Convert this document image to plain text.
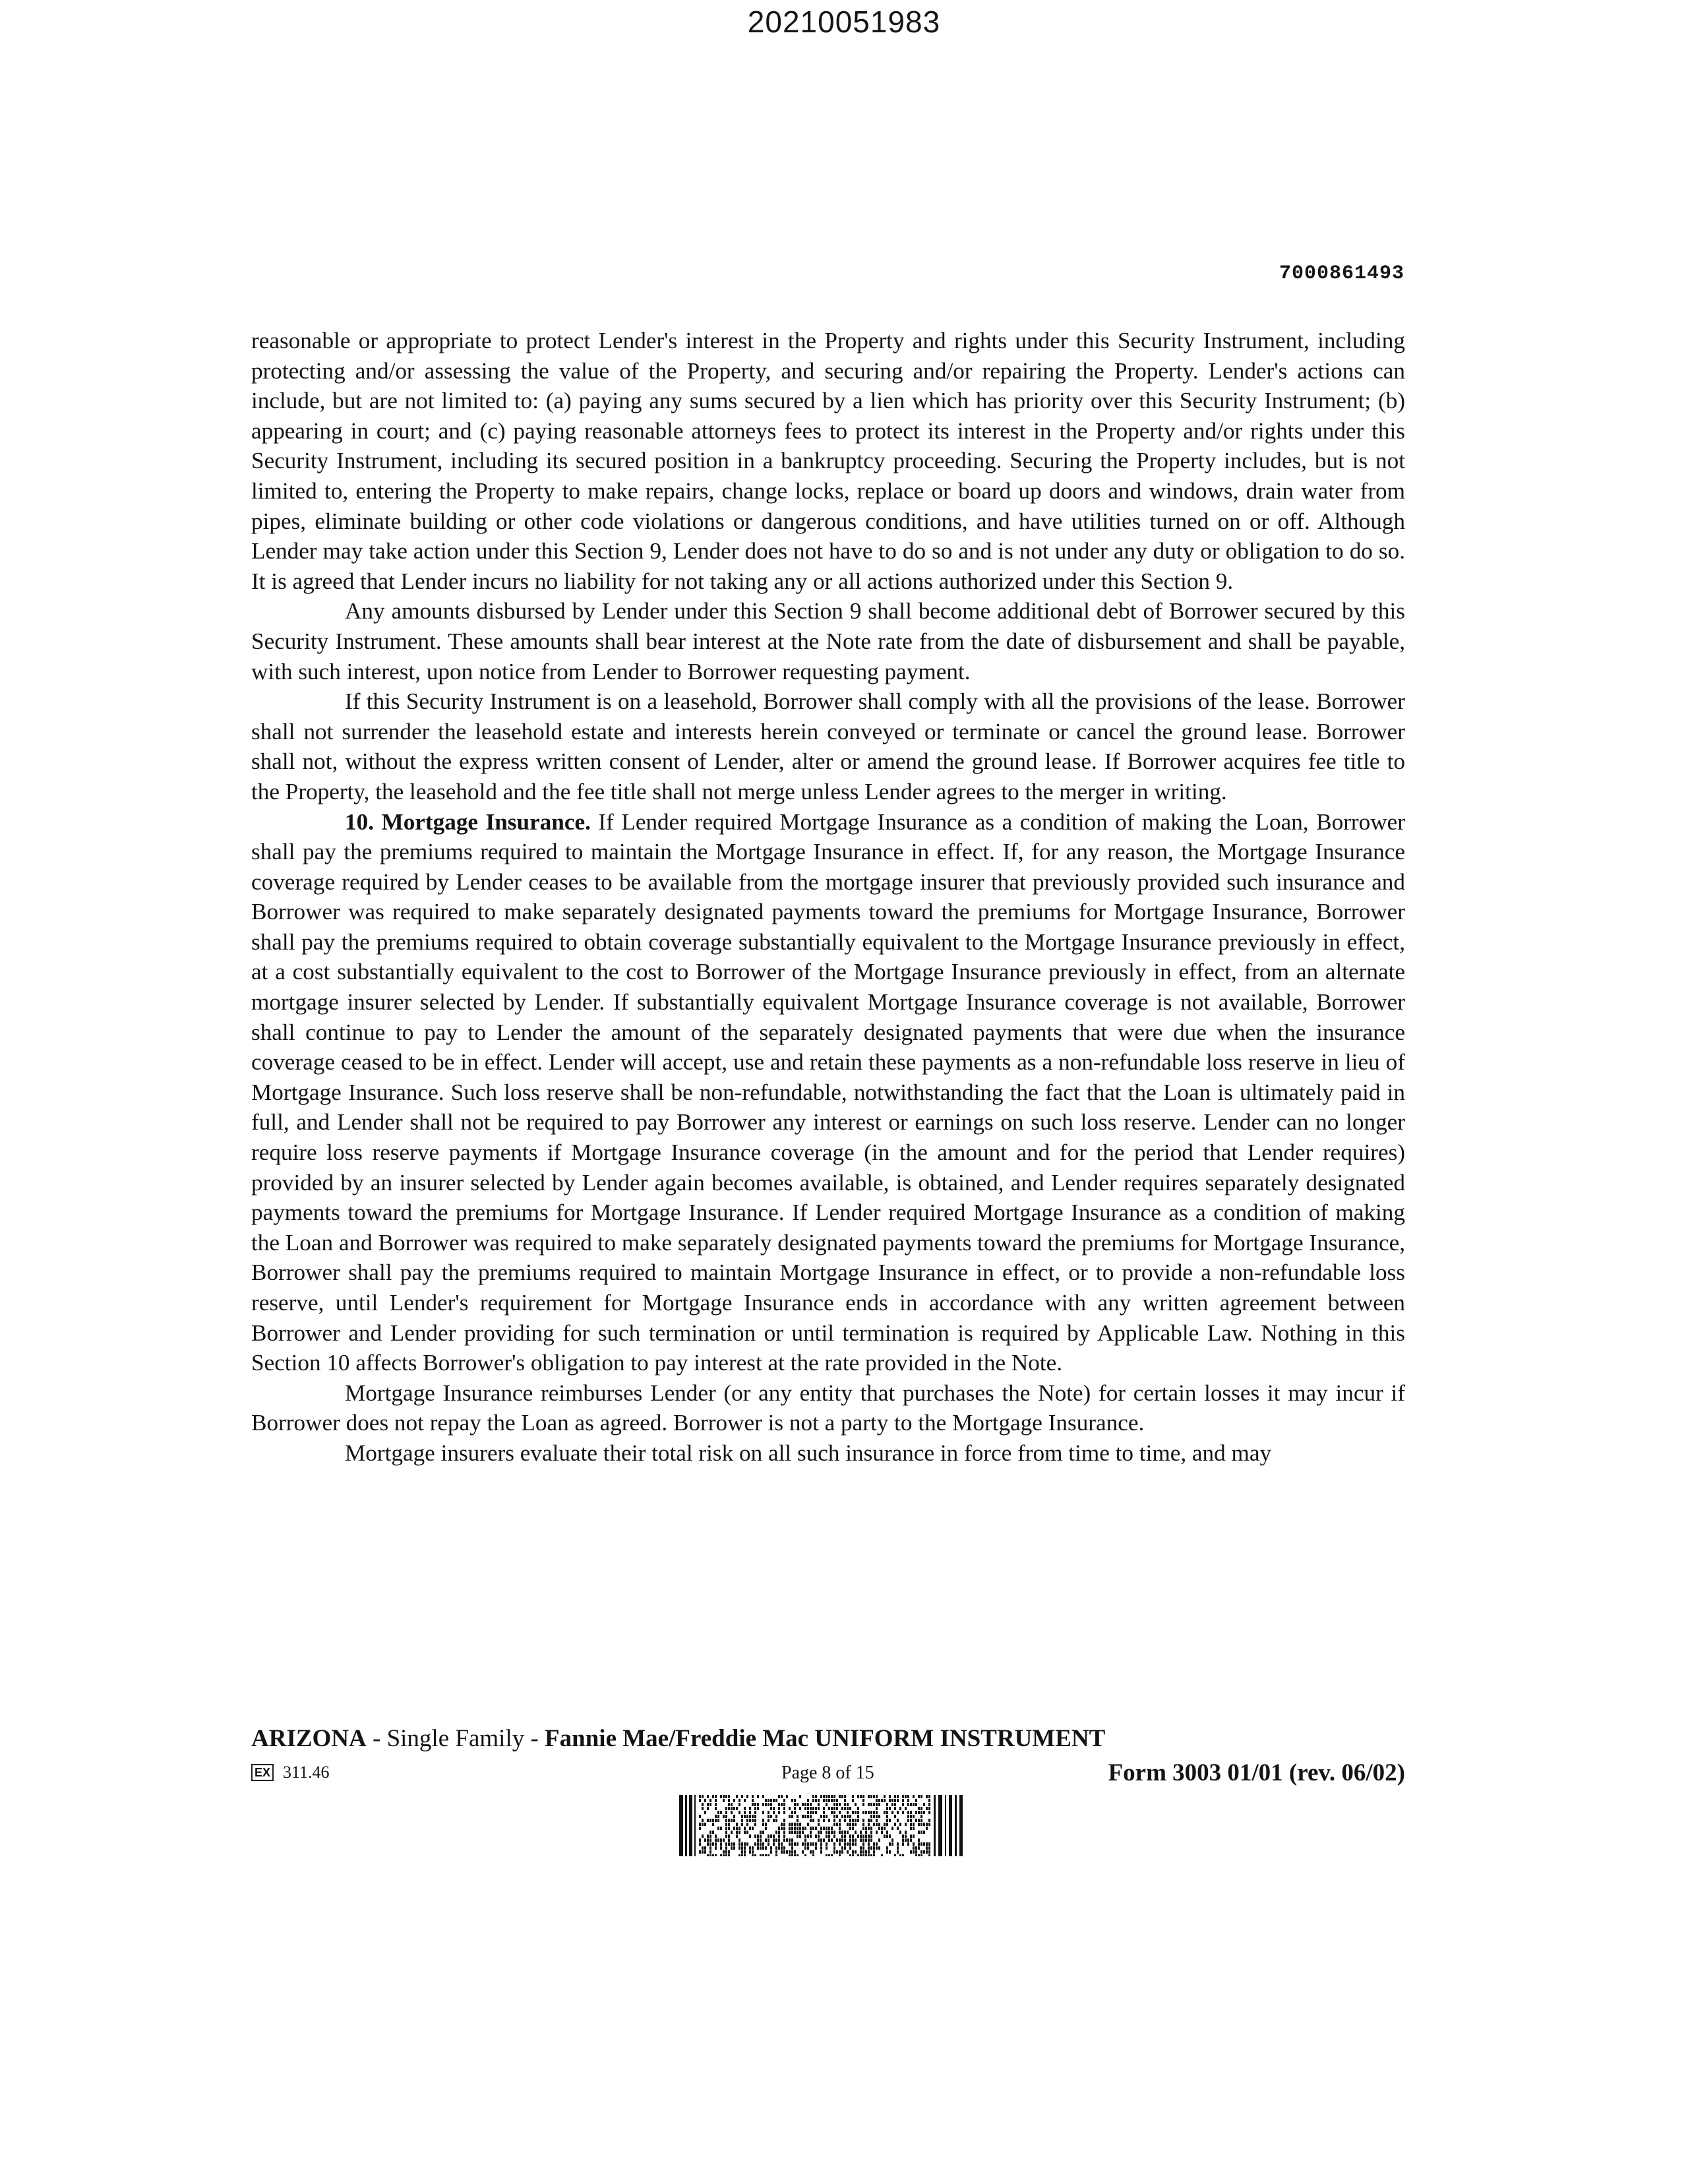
20210051983
7000861493

reasonable or appropriate to protect Lender's interest in the Property and rights under this Security Instrument, including protecting and/or assessing the value of the Property, and securing and/or repairing the Property. Lender's actions can include, but are not limited to: (a) paying any sums secured by a lien which has priority over this Security Instrument; (b) appearing in court; and (c) paying reasonable attorneys fees to protect its interest in the Property and/or rights under this Security Instrument, including its secured position in a bankruptcy proceeding. Securing the Property includes, but is not limited to, entering the Property to make repairs, change locks, replace or board up doors and windows, drain water from pipes, eliminate building or other code violations or dangerous conditions, and have utilities turned on or off. Although Lender may take action under this Section 9, Lender does not have to do so and is not under any duty or obligation to do so. It is agreed that Lender incurs no liability for not taking any or all actions authorized under this Section 9.

Any amounts disbursed by Lender under this Section 9 shall become additional debt of Borrower secured by this Security Instrument. These amounts shall bear interest at the Note rate from the date of disbursement and shall be payable, with such interest, upon notice from Lender to Borrower requesting payment.

If this Security Instrument is on a leasehold, Borrower shall comply with all the provisions of the lease. Borrower shall not surrender the leasehold estate and interests herein conveyed or terminate or cancel the ground lease. Borrower shall not, without the express written consent of Lender, alter or amend the ground lease. If Borrower acquires fee title to the Property, the leasehold and the fee title shall not merge unless Lender agrees to the merger in writing.

10. Mortgage Insurance. If Lender required Mortgage Insurance as a condition of making the Loan, Borrower shall pay the premiums required to maintain the Mortgage Insurance in effect. If, for any reason, the Mortgage Insurance coverage required by Lender ceases to be available from the mortgage insurer that previously provided such insurance and Borrower was required to make separately designated payments toward the premiums for Mortgage Insurance, Borrower shall pay the premiums required to obtain coverage substantially equivalent to the Mortgage Insurance previously in effect, at a cost substantially equivalent to the cost to Borrower of the Mortgage Insurance previously in effect, from an alternate mortgage insurer selected by Lender. If substantially equivalent Mortgage Insurance coverage is not available, Borrower shall continue to pay to Lender the amount of the separately designated payments that were due when the insurance coverage ceased to be in effect. Lender will accept, use and retain these payments as a non-refundable loss reserve in lieu of Mortgage Insurance. Such loss reserve shall be non-refundable, notwithstanding the fact that the Loan is ultimately paid in full, and Lender shall not be required to pay Borrower any interest or earnings on such loss reserve. Lender can no longer require loss reserve payments if Mortgage Insurance coverage (in the amount and for the period that Lender requires) provided by an insurer selected by Lender again becomes available, is obtained, and Lender requires separately designated payments toward the premiums for Mortgage Insurance. If Lender required Mortgage Insurance as a condition of making the Loan and Borrower was required to make separately designated payments toward the premiums for Mortgage Insurance, Borrower shall pay the premiums required to maintain Mortgage Insurance in effect, or to provide a non-refundable loss reserve, until Lender's requirement for Mortgage Insurance ends in accordance with any written agreement between Borrower and Lender providing for such termination or until termination is required by Applicable Law. Nothing in this Section 10 affects Borrower's obligation to pay interest at the rate provided in the Note.

Mortgage Insurance reimburses Lender (or any entity that purchases the Note) for certain losses it may incur if Borrower does not repay the Loan as agreed. Borrower is not a party to the Mortgage Insurance.

Mortgage insurers evaluate their total risk on all such insurance in force from time to time, and may

ARIZONA - Single Family - Fannie Mae/Freddie Mac UNIFORM INSTRUMENT
EX 311.46	Page 8 of 15	Form 3003 01/01 (rev. 06/02)
